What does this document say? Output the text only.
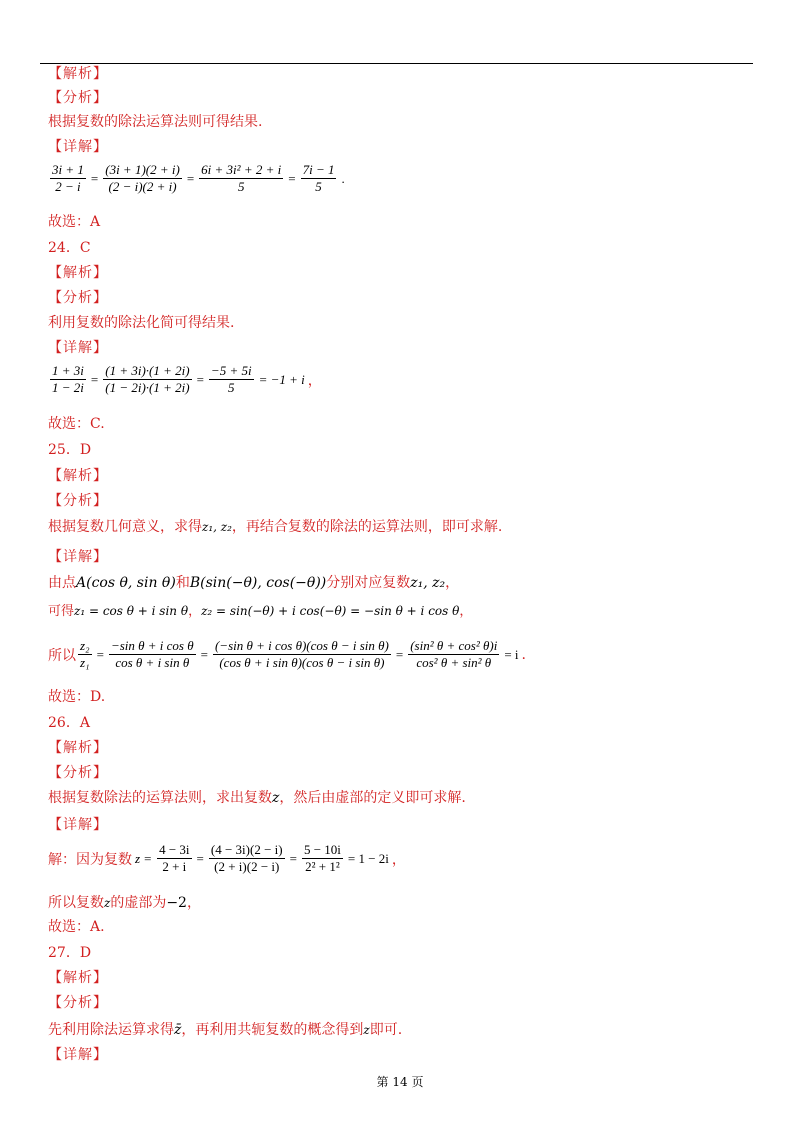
【解析】
【分析】
根据复数的除法运算法则可得结果.
【详解】
$\frac{3i + 1}{2 - i} = \frac{(3i + 1)(2 + i)}{(2 - i)(2 + i)} = \frac{\text{6i + 3i² + 2 + i}}{5} = \frac{7i - 1}{5}$ .
故选：A
24．C
【解析】
【分析】
利用复数的除法化简可得结果.
【详解】
$\frac{1 + 3i}{1 - 2i} = \frac{(1 + 3i)\cdot(1 + 2i)}{(1 - 2i)\cdot(1 + 2i)} = \frac{-5 + 5i}{5} = -1 + i$ ，
故选：C.
25．D
【解析】
【分析】
根据复数几何意义，求得z₁, z₂，再结合复数的除法的运算法则，即可求解.
【详解】
由点A(cos θ, sin θ)和B(sin(−θ), cos(−θ))分别对应复数z₁, z₂，
可得z₁ = cos θ + i sin θ，z₂ = sin(−θ) + i cos(−θ) = −sin θ + i cos θ，
所以 $\frac{\text{z₂}}{\text{z₁}} = \frac{\text{−sin θ + i cos θ}}{\text{cos θ + i sin θ}} = \frac{\text{(−sin θ + i cos θ)(cos θ − i sin θ)}}{\text{(cos θ + i sin θ)(cos θ − i sin θ)}} = \frac{\text{(sin² θ + cos² θ)i}}{\text{cos² θ + sin² θ}} = i$ .
故选：D.
26．A
【解析】
【分析】
根据复数除法的运算法则，求出复数z，然后由虚部的定义即可求解.
【详解】
解：因为复数 $z = \frac{4 - 3i}{2 + i} = \frac{(4 - 3i)(2 - i)}{(2 + i)(2 - i)} = \frac{5 - 10i}{\text{2² + 1²}} = 1 - 2i$ ，
所以复数z的虚部为−2，
故选：A.
27．D
【解析】
【分析】
先利用除法运算求得z̄，再利用共轭复数的概念得到z即可.
【详解】
第 14 页
